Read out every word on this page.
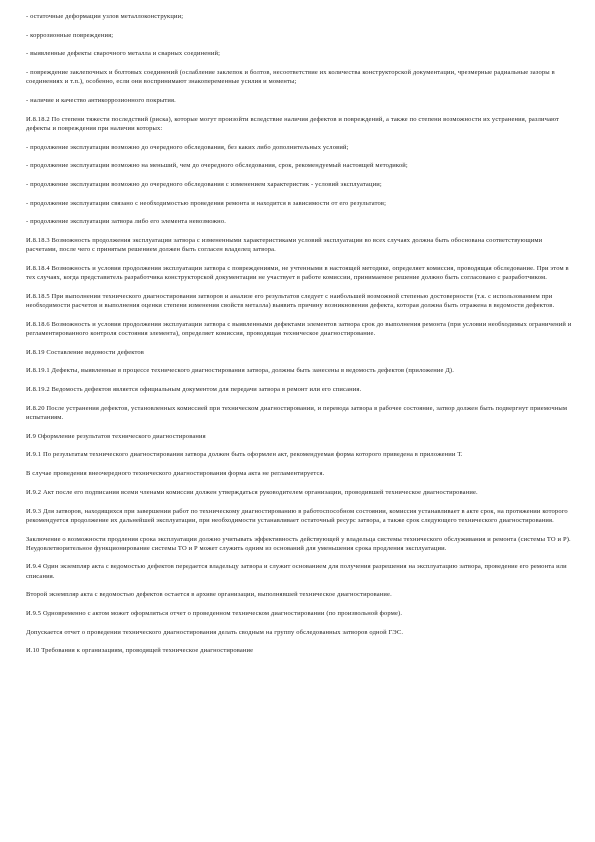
- остаточные деформации узлов металлоконструкции;

- коррозионные повреждения;

- выявленные дефекты сварочного металла и сварных соединений;

- повреждение заклепочных и болтовых соединений (ослабление заклепок и болтов, несоответствие их количества конструкторской документации, чрезмерные радиальные зазоры в соединениях и т.п.), особенно, если они воспринимают знакопеременные усилия и моменты;

- наличие и качество антикоррозионного покрытия.

И.8.18.2 По степени тяжести последствий (риска), которые могут произойти вследствие наличия дефектов и повреждений, а также по степени возможности их устранения, различают дефекты и повреждения при наличии которых:

- продолжение эксплуатации возможно до очередного обследования, без каких либо дополнительных условий;

- продолжение эксплуатации возможно на меньший, чем до очередного обследования, срок, рекомендуемый настоящей методикой;

- продолжение эксплуатации возможно до очередного обследования с изменением характеристик - условий эксплуатации;

- продолжение эксплуатации связано с необходимостью проведения ремонта и находится в зависимости от его результатов;

- продолжение эксплуатации затвора либо его элемента невозможно.

И.8.18.3 Возможность продолжения эксплуатации затвора с измененными характеристиками условий эксплуатации во всех случаях должна быть обоснована соответствующими расчетами, после чего с принятым решением должен быть согласен владелец затвора.

И.8.18.4 Возможность и условия продолжения эксплуатации затвора с повреждениями, не учтенными в настоящей методике, определяет комиссия, проводящая обследование. При этом в тех случаях, когда представитель разработчика конструкторской документации не участвует в работе комиссии, принимаемое решение должно быть согласовано с разработчиком.

И.8.18.5 При выполнении технического диагностирования затворов и анализе его результатов следует с наибольшей возможной степенью достоверности (т.к. с использованием при необходимости расчетов и выполнения оценки степени изменения свойств металла) выявить причину возникновения дефекта, которая должна быть отражена в ведомости дефектов.

И.8.18.6 Возможность и условия продолжения эксплуатации затвора с выявленными дефектами элементов затвора срок до выполнения ремонта (при условии необходимых ограничений и регламентированного контроля состояния элемента), определяет комиссия, проводящая техническое диагностирование.

И.8.19 Составление ведомости дефектов

И.8.19.1 Дефекты, выявленные в процессе технического диагностирования затвора, должны быть занесены в ведомость дефектов (приложение Д).

И.8.19.2 Ведомость дефектов является официальным документом для передачи затвора в ремонт или его списания.

И.8.20 После устранения дефектов, установленных комиссией при техническом диагностировании, и перевода затвора в рабочее состояние, затвор должен быть подвергнут приемочным испытаниям.

И.9 Оформление результатов технического диагностирования

И.9.1 По результатам технического диагностирования затвора должен быть оформлен акт, рекомендуемая форма которого приведена в приложении Т.

В случае проведения внеочередного технического диагностирования форма акта не регламентируется.

И.9.2 Акт после его подписания всеми членами комиссии должен утверждаться руководителем организации, проводившей техническое диагностирование.

И.9.3 Для затворов, находящихся при завершении работ по техническому диагностированию в работоспособном состоянии, комиссия устанавливает в акте срок, на протяжении которого рекомендуется продолжение их дальнейшей эксплуатации, при необходимости устанавливает остаточный ресурс затвора, а также срок следующего технического диагностирования.

Заключение о возможности продления срока эксплуатации должно учитывать эффективность действующей у владельца системы технического обслуживания и ремонта (системы ТО и Р). Неудовлетворительное функционирование системы ТО и Р может служить одним из оснований для уменьшения срока продления эксплуатации.

И.9.4 Один экземпляр акта с ведомостью дефектов передается владельцу затвора и служит основанием для получения разрешения на эксплуатацию затвора, проведение его ремонта или списания.

Второй экземпляр акта с ведомостью дефектов остается в архиве организации, выполнявшей техническое диагностирование.

И.9.5 Одновременно с актом может оформляться отчет о проведенном техническом диагностировании (по произвольной форме).

Допускается отчет о проведении технического диагностирования делать сводным на группу обследованных затворов одной ГЭС.

И.10 Требования к организациям, проводящей техническое диагностирование
